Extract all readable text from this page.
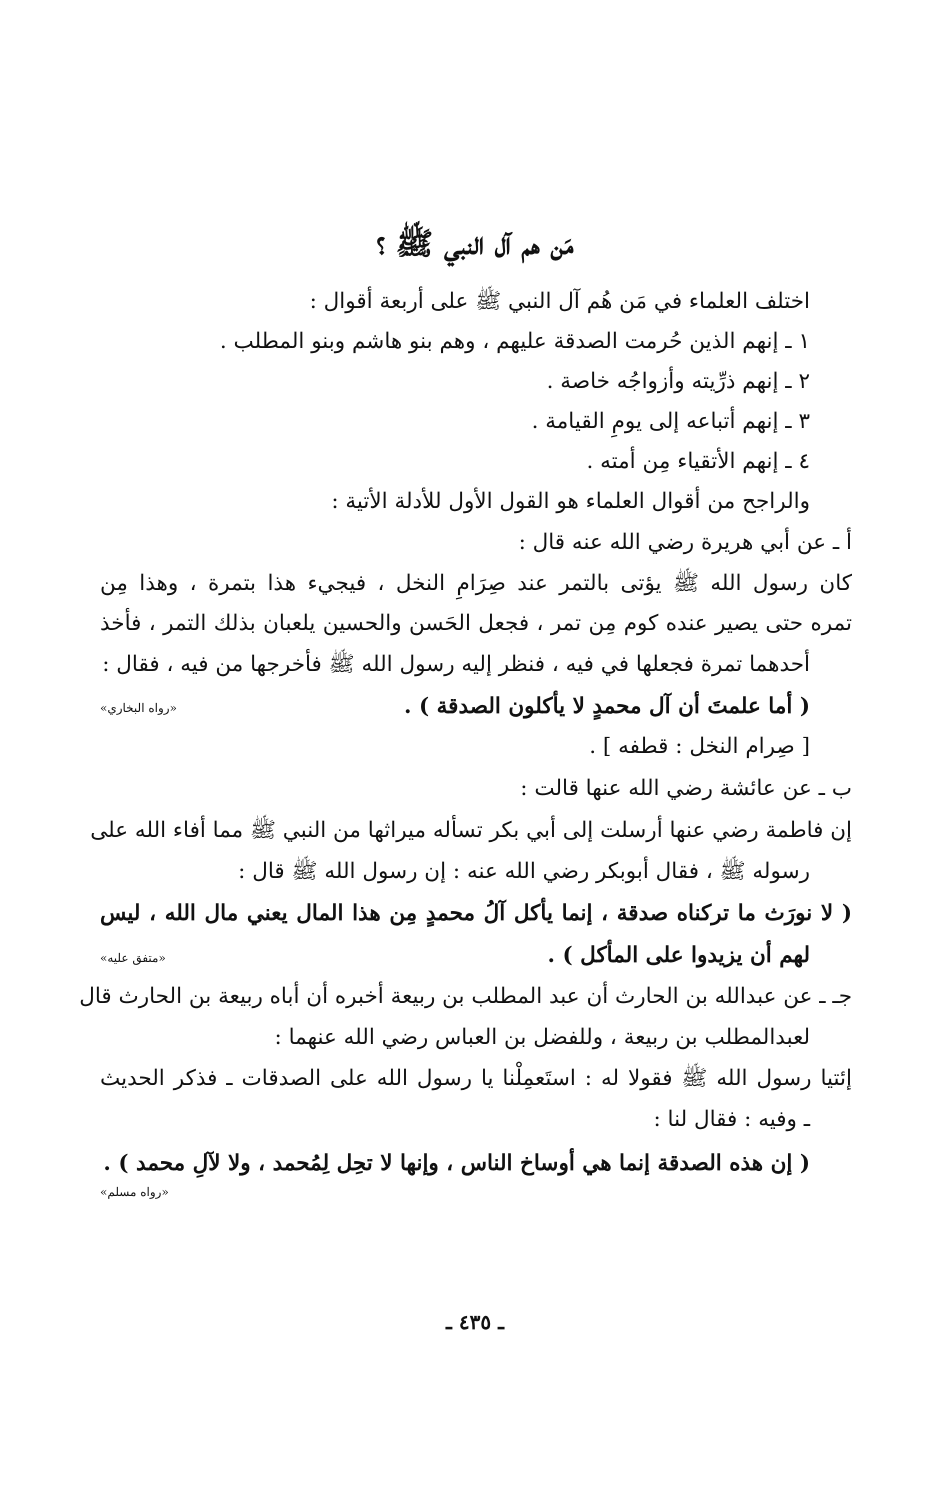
مَن هم آل النبي ﷺ ؟
اختلف العلماء في مَن هُم آل النبي ﷺ على أربعة أقوال :
١ ـ إنهم الذين حُرمت الصدقة عليهم ، وهم بنو هاشم وبنو المطلب .
٢ ـ إنهم ذرِّيته وأزواجُه خاصة .
٣ ـ إنهم أتباعه إلى يومِ القيامة .
٤ ـ إنهم الأتقياء مِن أمته .
والراجح من أقوال العلماء هو القول الأول للأدلة الأتية :
أ ـ عن أبي هريرة رضي الله عنه قال :
كان رسول الله ﷺ يؤتى بالتمر عند صِرَامِ النخل ، فيجيء هذا بتمرة ، وهذا مِن
تمره حتى يصير عنده كوم مِن تمر ، فجعل الحَسن والحسين يلعبان بذلك التمر ، فأخذ
أحدهما تمرة فجعلها في فيه ، فنظر إليه رسول الله ﷺ فأخرجها من فيه ، فقال :
( أما علمتَ أن آل محمدٍ لا يأكلون الصدقة ) .
«رواه البخاري»
[ صِرام النخل : قطفه ] .
ب ـ عن عائشة رضي الله عنها قالت :
إن فاطمة رضي عنها أرسلت إلى أبي بكر تسأله ميراثها من النبي ﷺ مما أفاء الله على
رسوله ﷺ ، فقال أبوبكر رضي الله عنه : إن رسول الله ﷺ قال :
( لا نورَث ما تركناه صدقة ، إنما يأكل آلُ محمدٍ مِن هذا المال يعني مال الله ، ليس
لهم أن يزيدوا على المأكل ) .
«متفق عليه»
جـ ـ عن عبدالله بن الحارث أن عبد المطلب بن ربيعة أخبره أن أباه ربيعة بن الحارث قال
لعبدالمطلب بن ربيعة ، وللفضل بن العباس رضي الله عنهما :
إئتيا رسول الله ﷺ فقولا له : استَعمِلْنا يا رسول الله على الصدقات ـ فذكر الحديث
ـ وفيه : فقال لنا :
( إن هذه الصدقة إنما هي أوساخ الناس ، وإنها لا تحِل لِمُحمد ، ولا لآلِ محمد ) .
«رواه مسلم»
ـ ٤٣٥ ـ
